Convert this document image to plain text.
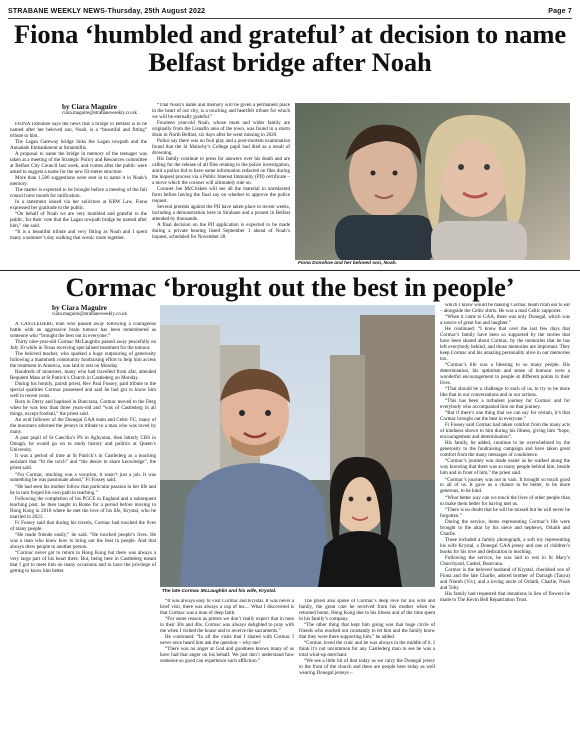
STRABANE WEEKLY NEWS-Thursday, 25th August 2022	Page 7
Fiona ‘humbled and grateful’ at decision to name Belfast bridge after Noah
by Ciara Maguire
ciara.maguire@strabaneweekly.co.uk

FIONA Donohoe says the news that a bridge in Belfast is to be named after her beloved son, Noah, is a “beautiful and fitting” tribute to him.

The Lagan Gateway bridge links the Lagan towpath and the Annadale Embankment at Stranmillis.

A proposal to name the bridge in memory of the teenager was taken at a meeting of the Strategic Policy and Resources committee at Belfast City Council last week, and comes after the public were asked to suggest a name for the new 83-metre structure.

More than 1,500 suggestions were sent in to name it in Noah’s memory.

The matter is expected to be brought before a meeting of the full council next month for ratification.

In a statement issued via her solicitors at KRW Law, Fiona expressed her gratitude to the public.

“On behalf of Noah we are very humbled and grateful to the public, for their vote that the Lagan towpath bridge be named after him,” she said.

“It is a beautiful tribute and very fitting as Noah and I spent many a summer’s day walking that scenic route together.

“That Noah’s name and memory will be given a permanent place in the heart of our city, is a touching and heartfelt tribute for which we will be eternally grateful.”

Fourteen year-old Noah, whose mum and wider family are originally from the Lisnafin area of the town, was found in a storm drain in North Belfast, six days after he went missing in 2020.

Police say there was no foul play and a post-mortem examination found that the St Malachy’s College pupil had died as a result of drowning.

His family continue to press for answers over his death and are calling for the release of all files relating to the police investigation, amid a police bid to have some information redacted on files during the inquest process via a Public Interest Immunity (PII) certificate – a move which the coroner will ultimately rule on.

Coroner Joe McCrisken will see all the material in unredacted form before having the final say on whether to approve the police request.

Several protests against the PII have taken place in recent weeks, including a demonstration here in Strabane and a protest in Belfast attended by thousands.

A final decision on the PII application is expected to be made during a private hearing listed September 1 ahead of Noah’s inquest, scheduled for November 28.

Fiona Donohoe and her beloved son, Noah.
Cormac ‘brought out the best in people’
by Ciara Maguire
ciara.maguire@strabaneweekly.co.uk

A CASTLEDERG man who passed away following a courageous battle with an aggressive brain tumour has been remembered as someone who “brought the best out in everyone.”

Thirty nine-year-old Cormac McLaughlin passed away peacefully on July 30 while in Texas receiving specialised treatment for the tumour.

The beloved teacher, who sparked a huge outpouring of generosity following a mammoth community fundraising effort to help him access the treatment in America, was laid to rest on Monday.

Hundreds of mourners, many who had travelled from afar, attended Requiem Mass at St Patrick’s Church in Castlederg on Monday.

During his homily, parish priest, Rev Paul Fossey, paid tribute to the special qualities Cormac possessed and said he had got to know him well in recent years.

Born in Derry and baptised in Buncrana, Cormac moved to the Derg when he was less than three years-old and “was of Castlederg in all things, except football,” the priest said.

An avid follower of the Donegal GAA team and Celtic FC, many of the mourners adorned the jerseys in tribute to a man who was loved by many.

A past pupil of St Caecilia’s PS in Aghyaran, then latterly CBS in Omagh, he would go on to study history and politics at Queen’s University.

It was a period of time at St Patrick’s in Castlederg as a teaching assistant that “lit the torch” and “the desire to share knowledge”, the priest said.

“For Cormac, teaching was a vocation, it wasn’t just a job. It was something he was passionate about,” Fr Fossey said.

“He had seen his mother follow that particular passion in her life and he in turn forged his own path in teaching.”

Following the completion of his PGCE in England and a subsequent teaching post, he then taught in Rome for a period before moving to Hong Kong in 2016 where he met the love of his life, Krystal, who he married in 2021.

Fr Fossey said that during his travels, Cormac had touched the lives of many people.

“He made friends easily,” he said. “He touched people’s lives. He was a man who knew how to bring out the best in people. And that always drew people to another person.

“Cormac never got to return to Hong Kong but there was always a very large part of his heart there. But, being here in Castlederg meant that I got to meet him on many occasions and to have the privilege of getting to know him better.

The late Cormac McLaughlin and his wife, Krystal.

“It was always easy to visit Cormac and Krystal. It was never a brief visit, there was always a cup of tea.... What I discovered is that Cormac was a man of deep faith.

“For some reason as priests we don’t really expect that in men in their 30s and 40s. Cormac was always delighted to pray with me when I visited the house and to receive the sacraments.”

He continued: “In all the visits that I shared with Cormac I never once heard him ask the question – why me?

“There was no anger at God and goodness knows many of us have had that anger on his behalf. We just don’t understand how someone so good can experience such affliction.”

The priest also spoke of Cormac’s deep love for his wife and family, the great care he received from his mother when he returned home, Hong Kong due to his illness and of the time spent in his family’s company.

“The other thing that kept him going was that huge circle of friends who reached out constantly to let him and the family know that they were there supporting him,” he added.

“Cormac loved the craic and he was always in the middle of it. I think it’s not uncommon for any Castlederg man to see he was a total wind-up merchant.

“We see a little bit of that today as we carry the Donegal jersey to the front of the church and there are people here today as well wearing Donegal jerseys –

which I know would be making Cormac beam from ear to ear – alongside the Celtic shirts. He was a mad Celtic supporter.

“When it came to GAA, there was only Donegal, which was a source of great fun and laughter.”

He continued: “I know that over the last few days that Cormac’s family have been so supported by the stories that have been shared about Cormac, by the memories that he has left everybody behind, and those memories are important. They keep Cormac and his amazing personality alive in our memories too.

“Cormac’s life was a blessing to so many people. His determination, his optimism and sense of humour were a wonderful encouragement to people at different points in their lives.

“That should be a challenge to each of us, to try to be more like that in our conversations and in our actions.

“This has been a turbulent journey for Cormac and for everybody who accompanied him on that journey.

“But if there’s one thing that we can say for certain, it’s that Cormac brought out the best in everyone.”

Fr Fossey said Cormac had taken comfort from the many acts of kindness shown to him during his illness, giving him “hope, encouragement and determination”.

His family, he added, continue to be overwhelmed by the generosity to the fundraising campaign and have taken great comfort from the many messages of condolence.

“Cormac’s journey was made easier as he walked along the way knowing that there was so many people behind him, beside him and in front of him,” the priest said.

“Cormac’s journey was not in vain. It brought so much good to all of us. It gave us a chance to be better, to be more generous, to be kind.

“What better way can we touch the lives of other people than to make them better for having met us.

“There is no doubt that he will be missed but he will never be forgotten.”

During the service, items representing Cormac’s life were brought to the altar by his niece and nephews, Orlaith and Charlie.

These included a family photograph, a soft toy representing his wife Krystal, a Donegal GAA jersey and one of children’s books for his love and dedication to teaching.

Following the service, he was laid to rest in St Mary’s Churchyard, Cashel, Buncrana.

Cormac is the beloved husband of Krystal, cherished son of Fiona and the late Charlie, adored brother of Darragh (Tanya) and Niamh (Viv), and a loving uncle of Orlaith, Charlie, Noah and Toby.

His family had requested that donations in lieu of flowers be made to The Kevin Bell Repatriation Trust.
